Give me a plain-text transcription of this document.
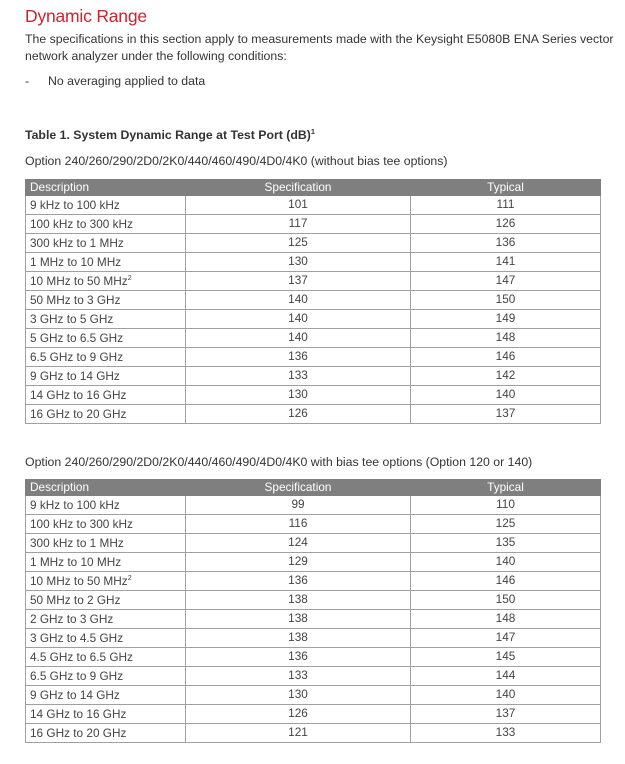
Dynamic Range

The specifications in this section apply to measurements made with the Keysight E5080B ENA Series vector network analyzer under the following conditions:

- No averaging applied to data

Table 1. System Dynamic Range at Test Port (dB)$^1$

Option 240/260/290/2D0/2K0/440/460/490/4D0/4K0 (without bias tee options)

Description	Specification	Typical
9 kHz to 100 kHz	101	111
100 kHz to 300 kHz	117	126
300 kHz to 1 MHz	125	136
1 MHz to 10 MHz	130	141
10 MHz to 50 MHz$^2$	137	147
50 MHz to 3 GHz	140	150
3 GHz to 5 GHz	140	149
5 GHz to 6.5 GHz	140	148
6.5 GHz to 9 GHz	136	146
9 GHz to 14 GHz	133	142
14 GHz to 16 GHz	130	140
16 GHz to 20 GHz	126	137

Option 240/260/290/2D0/2K0/440/460/490/4D0/4K0 with bias tee options (Option 120 or 140)

Description	Specification	Typical
9 kHz to 100 kHz	99	110
100 kHz to 300 kHz	116	125
300 kHz to 1 MHz	124	135
1 MHz to 10 MHz	129	140
10 MHz to 50 MHz$^2$	136	146
50 MHz to 2 GHz	138	150
2 GHz to 3 GHz	138	148
3 GHz to 4.5 GHz	138	147
4.5 GHz to 6.5 GHz	136	145
6.5 GHz to 9 GHz	133	144
9 GHz to 14 GHz	130	140
14 GHz to 16 GHz	126	137
16 GHz to 20 GHz	121	133
